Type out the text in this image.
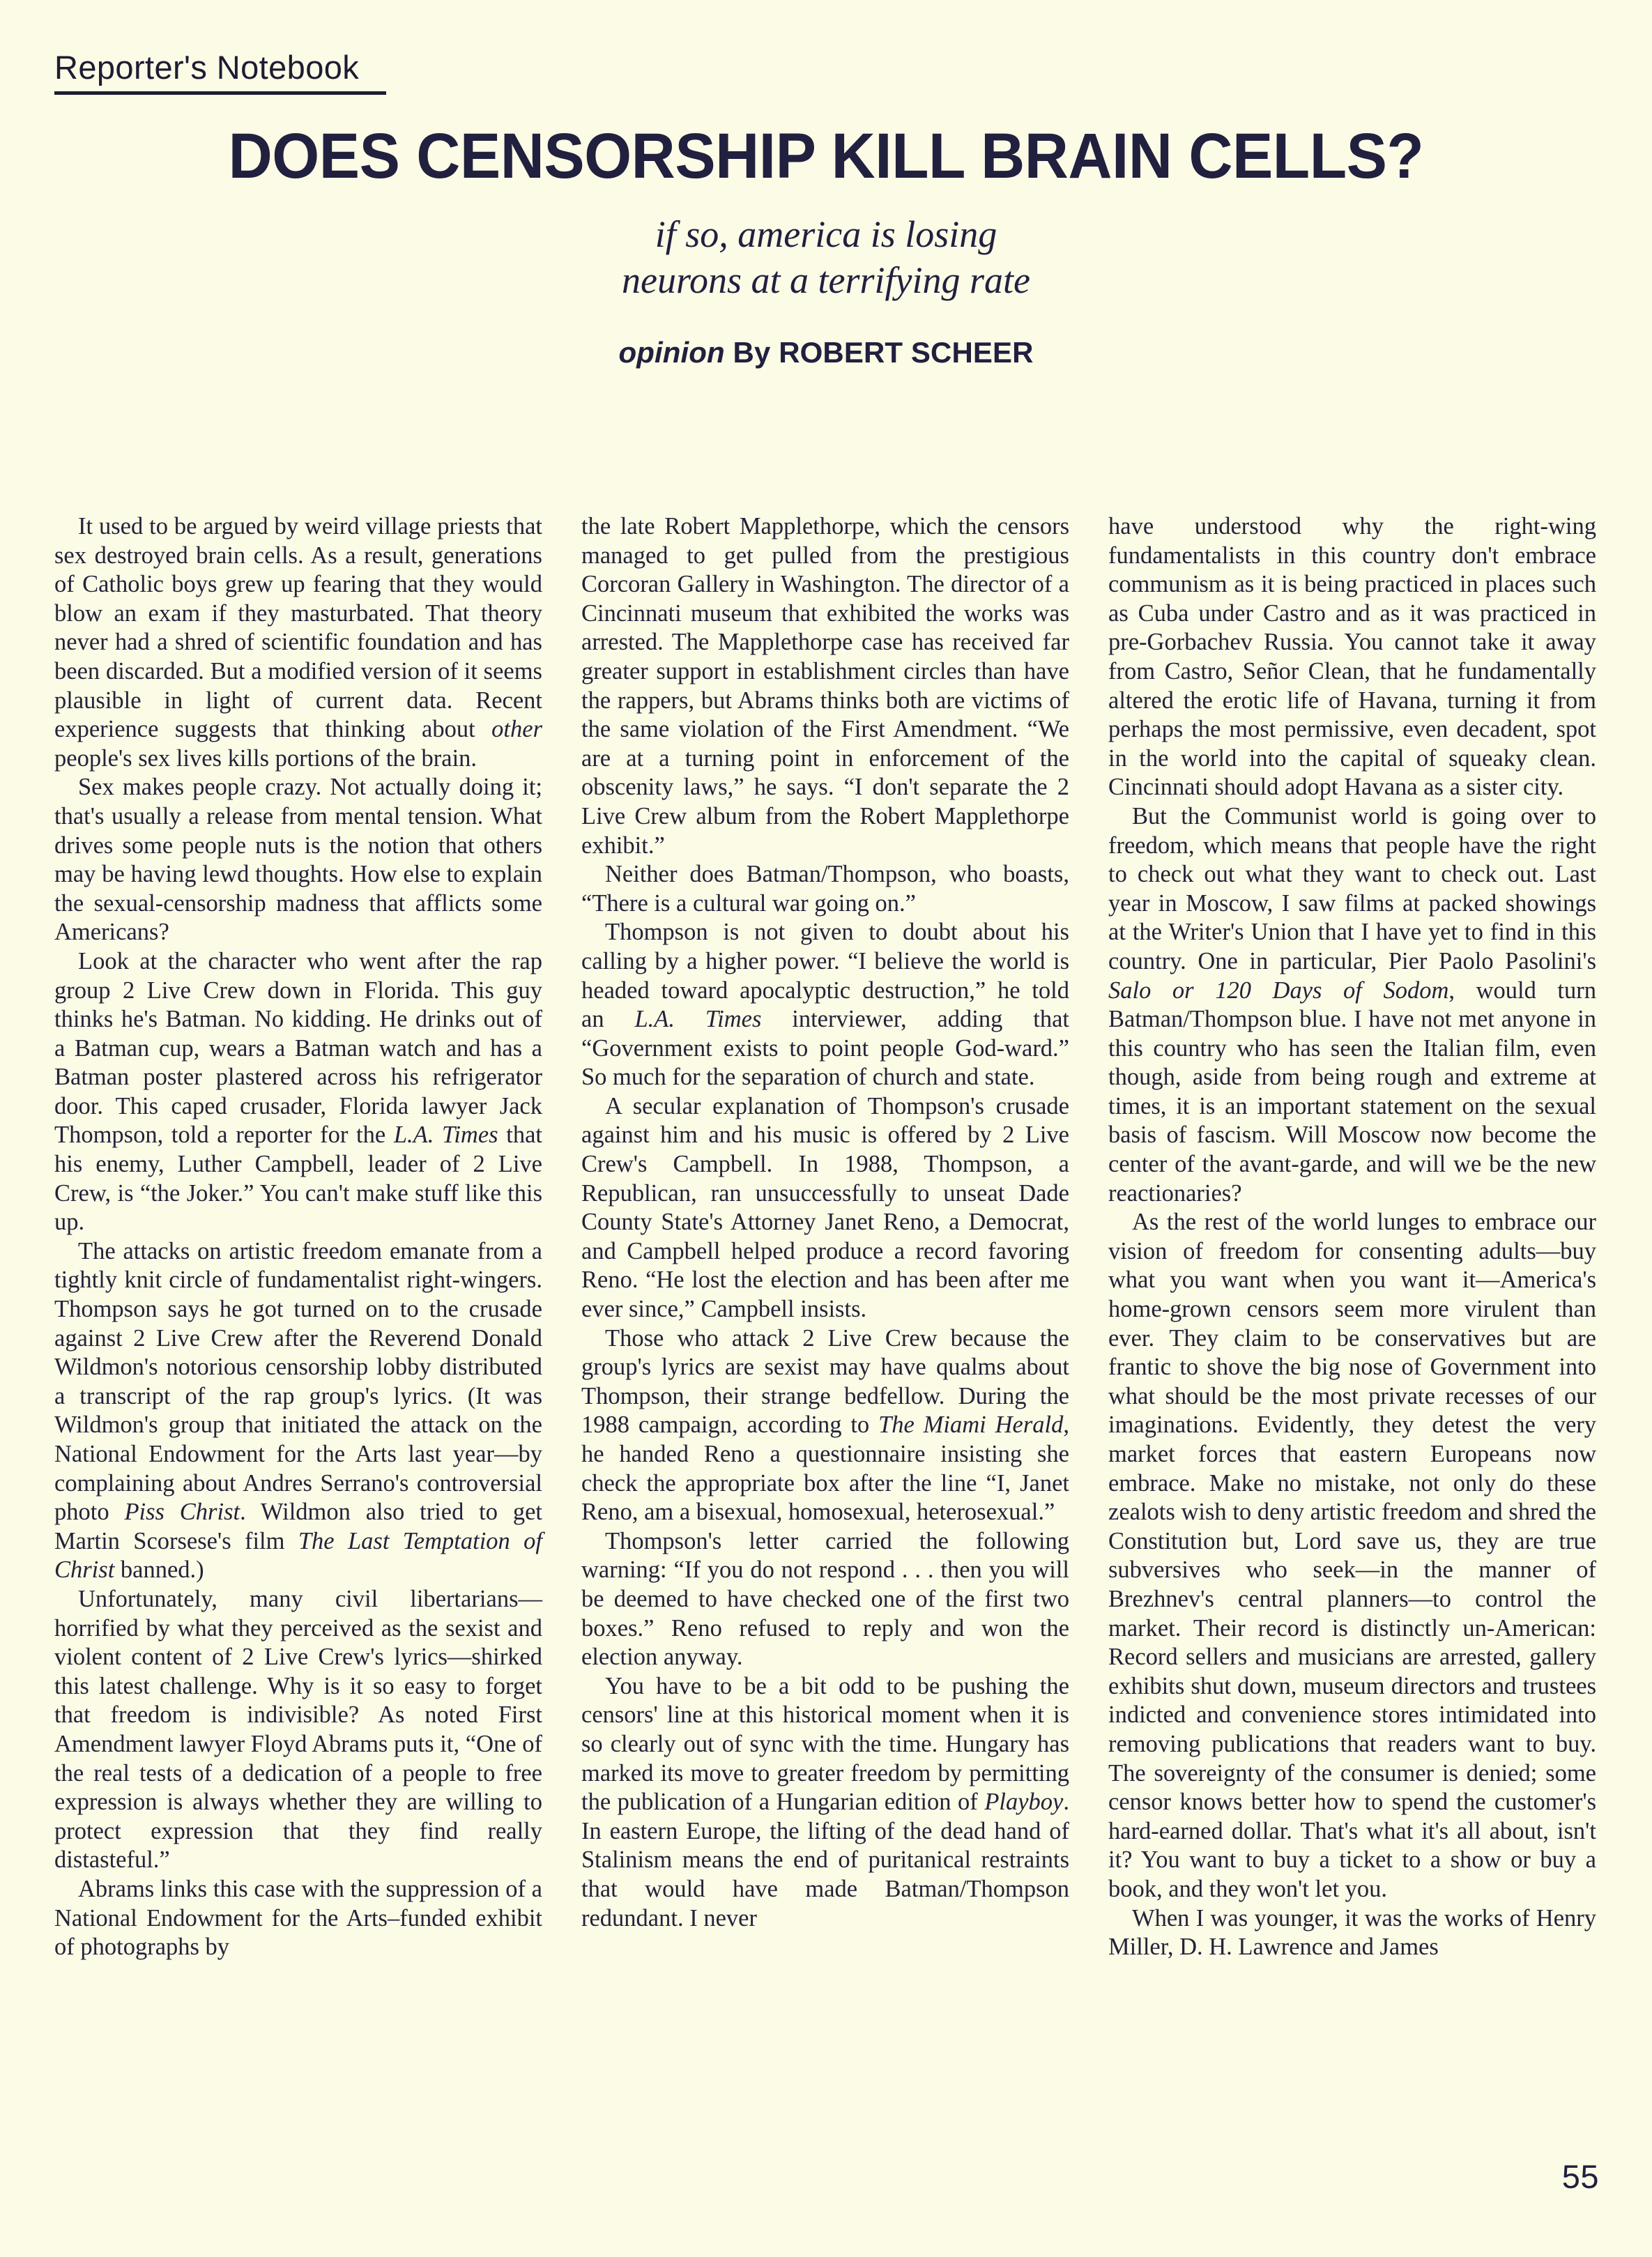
Reporter's Notebook
DOES CENSORSHIP KILL BRAIN CELLS?
if so, america is losing
neurons at a terrifying rate
opinion By ROBERT SCHEER

It used to be argued by weird village priests that sex destroyed brain cells. As a result, generations of Catholic boys grew up fearing that they would blow an exam if they masturbated. That theory never had a shred of scientific foundation and has been discarded. But a modified version of it seems plausible in light of current data. Recent experience suggests that thinking about other people's sex lives kills portions of the brain.

Sex makes people crazy. Not actually doing it; that's usually a release from mental tension. What drives some people nuts is the notion that others may be having lewd thoughts. How else to explain the sexual-censorship madness that afflicts some Americans?

Look at the character who went after the rap group 2 Live Crew down in Florida. This guy thinks he's Batman. No kidding. He drinks out of a Batman cup, wears a Batman watch and has a Batman poster plastered across his refrigerator door. This caped crusader, Florida lawyer Jack Thompson, told a reporter for the L.A. Times that his enemy, Luther Campbell, leader of 2 Live Crew, is “the Joker.” You can't make stuff like this up.

The attacks on artistic freedom emanate from a tightly knit circle of fundamentalist right-wingers. Thompson says he got turned on to the crusade against 2 Live Crew after the Reverend Donald Wildmon's notorious censorship lobby distributed a transcript of the rap group's lyrics. (It was Wildmon's group that initiated the attack on the National Endowment for the Arts last year—by complaining about Andres Serrano's controversial photo Piss Christ. Wildmon also tried to get Martin Scorsese's film The Last Temptation of Christ banned.)

Unfortunately, many civil libertarians—horrified by what they perceived as the sexist and violent content of 2 Live Crew's lyrics—shirked this latest challenge. Why is it so easy to forget that freedom is indivisible? As noted First Amendment lawyer Floyd Abrams puts it, “One of the real tests of a dedication of a people to free expression is always whether they are willing to protect expression that they find really distasteful.”

Abrams links this case with the suppression of a National Endowment for the Arts–funded exhibit of photographs by

the late Robert Mapplethorpe, which the censors managed to get pulled from the prestigious Corcoran Gallery in Washington. The director of a Cincinnati museum that exhibited the works was arrested. The Mapplethorpe case has received far greater support in establishment circles than have the rappers, but Abrams thinks both are victims of the same violation of the First Amendment. “We are at a turning point in enforcement of the obscenity laws,” he says. “I don't separate the 2 Live Crew album from the Robert Mapplethorpe exhibit.”

Neither does Batman/Thompson, who boasts, “There is a cultural war going on.”

Thompson is not given to doubt about his calling by a higher power. “I believe the world is headed toward apocalyptic destruction,” he told an L.A. Times interviewer, adding that “Government exists to point people God-ward.” So much for the separation of church and state.

A secular explanation of Thompson's crusade against him and his music is offered by 2 Live Crew's Campbell. In 1988, Thompson, a Republican, ran unsuccessfully to unseat Dade County State's Attorney Janet Reno, a Democrat, and Campbell helped produce a record favoring Reno. “He lost the election and has been after me ever since,” Campbell insists.

Those who attack 2 Live Crew because the group's lyrics are sexist may have qualms about Thompson, their strange bedfellow. During the 1988 campaign, according to The Miami Herald, he handed Reno a questionnaire insisting she check the appropriate box after the line “I, Janet Reno, am a bisexual, homosexual, heterosexual.”

Thompson's letter carried the following warning: “If you do not respond . . . then you will be deemed to have checked one of the first two boxes.” Reno refused to reply and won the election anyway.

You have to be a bit odd to be pushing the censors' line at this historical moment when it is so clearly out of sync with the time. Hungary has marked its move to greater freedom by permitting the publication of a Hungarian edition of Playboy. In eastern Europe, the lifting of the dead hand of Stalinism means the end of puritanical restraints that would have made Batman/Thompson redundant. I never

have understood why the right-wing fundamentalists in this country don't embrace communism as it is being practiced in places such as Cuba under Castro and as it was practiced in pre-Gorbachev Russia. You cannot take it away from Castro, Señor Clean, that he fundamentally altered the erotic life of Havana, turning it from perhaps the most permissive, even decadent, spot in the world into the capital of squeaky clean. Cincinnati should adopt Havana as a sister city.

But the Communist world is going over to freedom, which means that people have the right to check out what they want to check out. Last year in Moscow, I saw films at packed showings at the Writer's Union that I have yet to find in this country. One in particular, Pier Paolo Pasolini's Salo or 120 Days of Sodom, would turn Batman/Thompson blue. I have not met anyone in this country who has seen the Italian film, even though, aside from being rough and extreme at times, it is an important statement on the sexual basis of fascism. Will Moscow now become the center of the avant-garde, and will we be the new reactionaries?

As the rest of the world lunges to embrace our vision of freedom for consenting adults—buy what you want when you want it—America's home-grown censors seem more virulent than ever. They claim to be conservatives but are frantic to shove the big nose of Government into what should be the most private recesses of our imaginations. Evidently, they detest the very market forces that eastern Europeans now embrace. Make no mistake, not only do these zealots wish to deny artistic freedom and shred the Constitution but, Lord save us, they are true subversives who seek—in the manner of Brezhnev's central planners—to control the market. Their record is distinctly un-American: Record sellers and musicians are arrested, gallery exhibits shut down, museum directors and trustees indicted and convenience stores intimidated into removing publications that readers want to buy. The sovereignty of the consumer is denied; some censor knows better how to spend the customer's hard-earned dollar. That's what it's all about, isn't it? You want to buy a ticket to a show or buy a book, and they won't let you.

When I was younger, it was the works of Henry Miller, D. H. Lawrence and James

55
